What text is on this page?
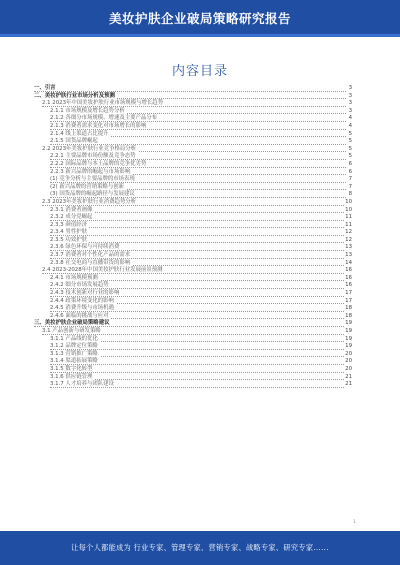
美妆护肤企业破局策略研究报告
内容目录
一、引言	3
二、美妆护肤行业市场分析及预测	3
2.1 2023年中国美妆护肤行业市场规模与增长趋势	3
2.1.1 市场规模及增长趋势分析	3
2.1.2 各细分市场规模、增速及主要产品分布	4
2.1.3 消费者需求变化对市场增长的影响	4
2.1.4 线上渠道占比提升	5
2.1.5 国货品牌崛起	5
2.2 2023年美妆护肤行业竞争格局分析	5
2.2.1 主要品牌市场份额及竞争态势	5
2.2.2 国际品牌与本土品牌的竞争优劣势	6
2.2.3 新兴品牌的崛起与市场影响	6
(1) 竞争分析与主要品牌的市场表现	7
(2) 新兴品牌的营销策略与创新	7
(3) 国货品牌的崛起路径与发展建议	8
2.3 2023年美妆护肤行业消费趋势分析	10
2.3.1 消费者画像	10
2.3.2 成分党崛起	11
2.3.3 颜值经济	11
2.3.4 男性护肤	12
2.3.5 功效护肤	12
2.3.6 绿色环保与可持续消费	13
2.3.7 消费者对个性化产品的需求	13
2.3.8 社交电商与直播带货的影响	14
2.4 2023-2028年中国美妆护肤行业发展前景预测	16
2.4.1 市场规模预测	16
2.4.2 细分市场发展趋势	16
2.4.3 技术创新对行业的影响	17
2.4.4 政策环境变化的影响	17
2.4.5 消费升级与市场机遇	18
2.4.6 面临的挑战与应对	18
三、美妆护肤企业破局策略建议	19
3.1 产品创新与研发策略	19
3.1.1 产品线的优化	19
3.1.2 品牌定位策略	19
3.1.3 营销推广策略	20
3.1.4 渠道拓展策略	20
3.1.5 数字化转型	20
3.1.6 供应链管理	21
3.1.7 人才培养与团队建设	21
1
让每个人都能成为 行业专家、管理专家、营销专家、战略专家、研究专家......
